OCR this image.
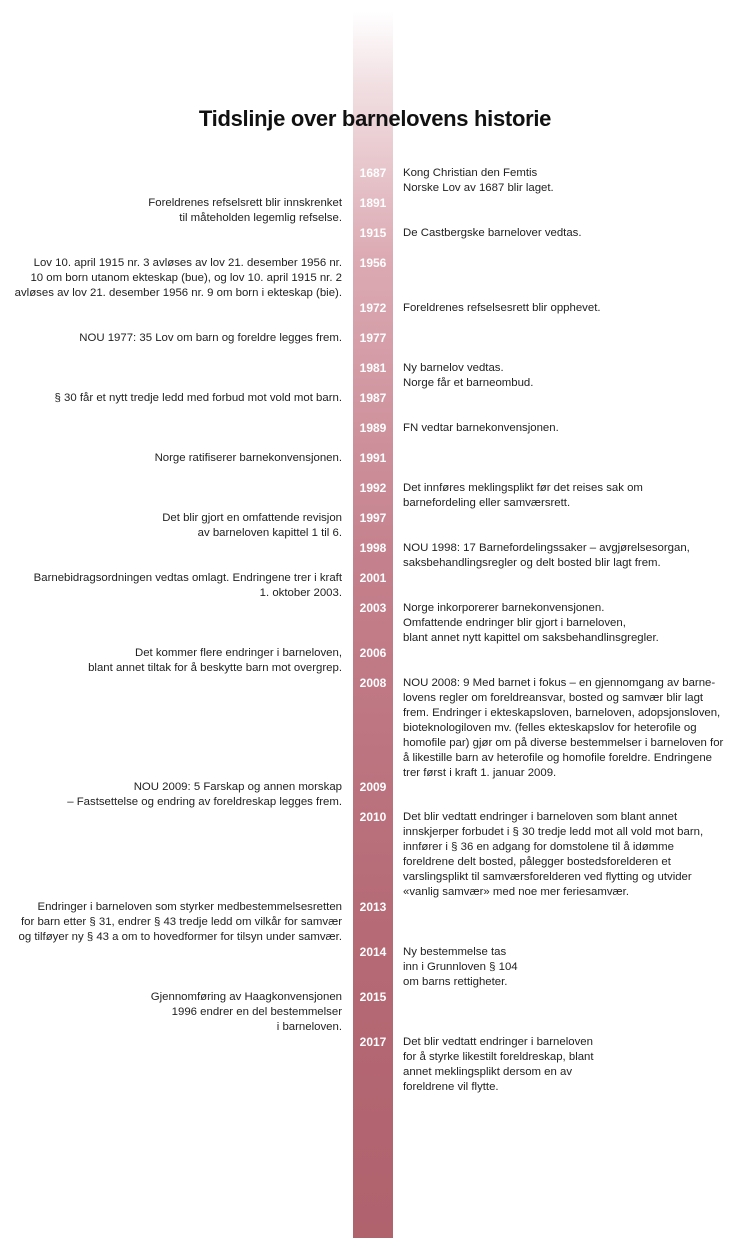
Tidslinje over barnelovens historie
1687	Kong Christian den Femtis
Norske Lov av 1687 blir laget.
1891
Foreldrenes refselsrett blir innskrenket
til måteholden legemlig refselse.
1915	De Castbergske barnelover vedtas.
1956
Lov 10. april 1915 nr. 3 avløses av lov 21. desember 1956 nr.
10 om born utanom ekteskap (bue), og lov 10. april 1915 nr. 2
avløses av lov 21. desember 1956 nr. 9 om born i ekteskap (bie).
1972	Foreldrenes refselsesrett blir opphevet.
1977
NOU 1977: 35 Lov om barn og foreldre legges frem.
1981	Ny barnelov vedtas.
Norge får et barneombud.
1987
§ 30 får et nytt tredje ledd med forbud mot vold mot barn.
1989	FN vedtar barnekonvensjonen.
1991
Norge ratifiserer barnekonvensjonen.
1992	Det innføres meklingsplikt før det reises sak om
barnefordeling eller samværsrett.
1997
Det blir gjort en omfattende revisjon
av barneloven kapittel 1 til 6.
1998	NOU 1998: 17 Barnefordelingssaker – avgjørelsesorgan,
saksbehandlingsregler og delt bosted blir lagt frem.
2001
Barnebidragsordningen vedtas omlagt. Endringene trer i kraft
1. oktober 2003.
2003	Norge inkorporerer barnekonvensjonen.
Omfattende endringer blir gjort i barneloven,
blant annet nytt kapittel om saksbehandlinsgregler.
2006
Det kommer flere endringer i barneloven,
blant annet tiltak for å beskytte barn mot overgrep.
2008	NOU 2008: 9 Med barnet i fokus – en gjennomgang av barne-
lovens regler om foreldreansvar, bosted og samvær blir lagt
frem. Endringer i ekteskapsloven, barneloven, adopsjonsloven,
bioteknologiloven mv. (felles ekteskapslov for heterofile og
homofile par) gjør om på diverse bestemmelser i barneloven for
å likestille barn av heterofile og homofile foreldre. Endringene
trer først i kraft 1. januar 2009.
2009
NOU 2009: 5 Farskap og annen morskap
– Fastsettelse og endring av foreldreskap legges frem.
2010	Det blir vedtatt endringer i barneloven som blant annet
innskjerper forbudet i § 30 tredje ledd mot all vold mot barn,
innfører i § 36 en adgang for domstolene til å idømme
foreldrene delt bosted, pålegger bostedsforelderen et
varslingsplikt til samværsforelderen ved flytting og utvider
«vanlig samvær» med noe mer feriesamvær.
2013
Endringer i barneloven som styrker medbestemmelsesretten
for barn etter § 31, endrer § 43 tredje ledd om vilkår for samvær
og tilføyer ny § 43 a om to hovedformer for tilsyn under samvær.
2014	Ny bestemmelse tas
inn i Grunnloven § 104
om barns rettigheter.
2015
Gjennomføring av Haagkonvensjonen
1996 endrer en del bestemmelser
i barneloven.
2017	Det blir vedtatt endringer i barneloven
for å styrke likestilt foreldreskap, blant
annet meklingsplikt dersom en av
foreldrene vil flytte.
